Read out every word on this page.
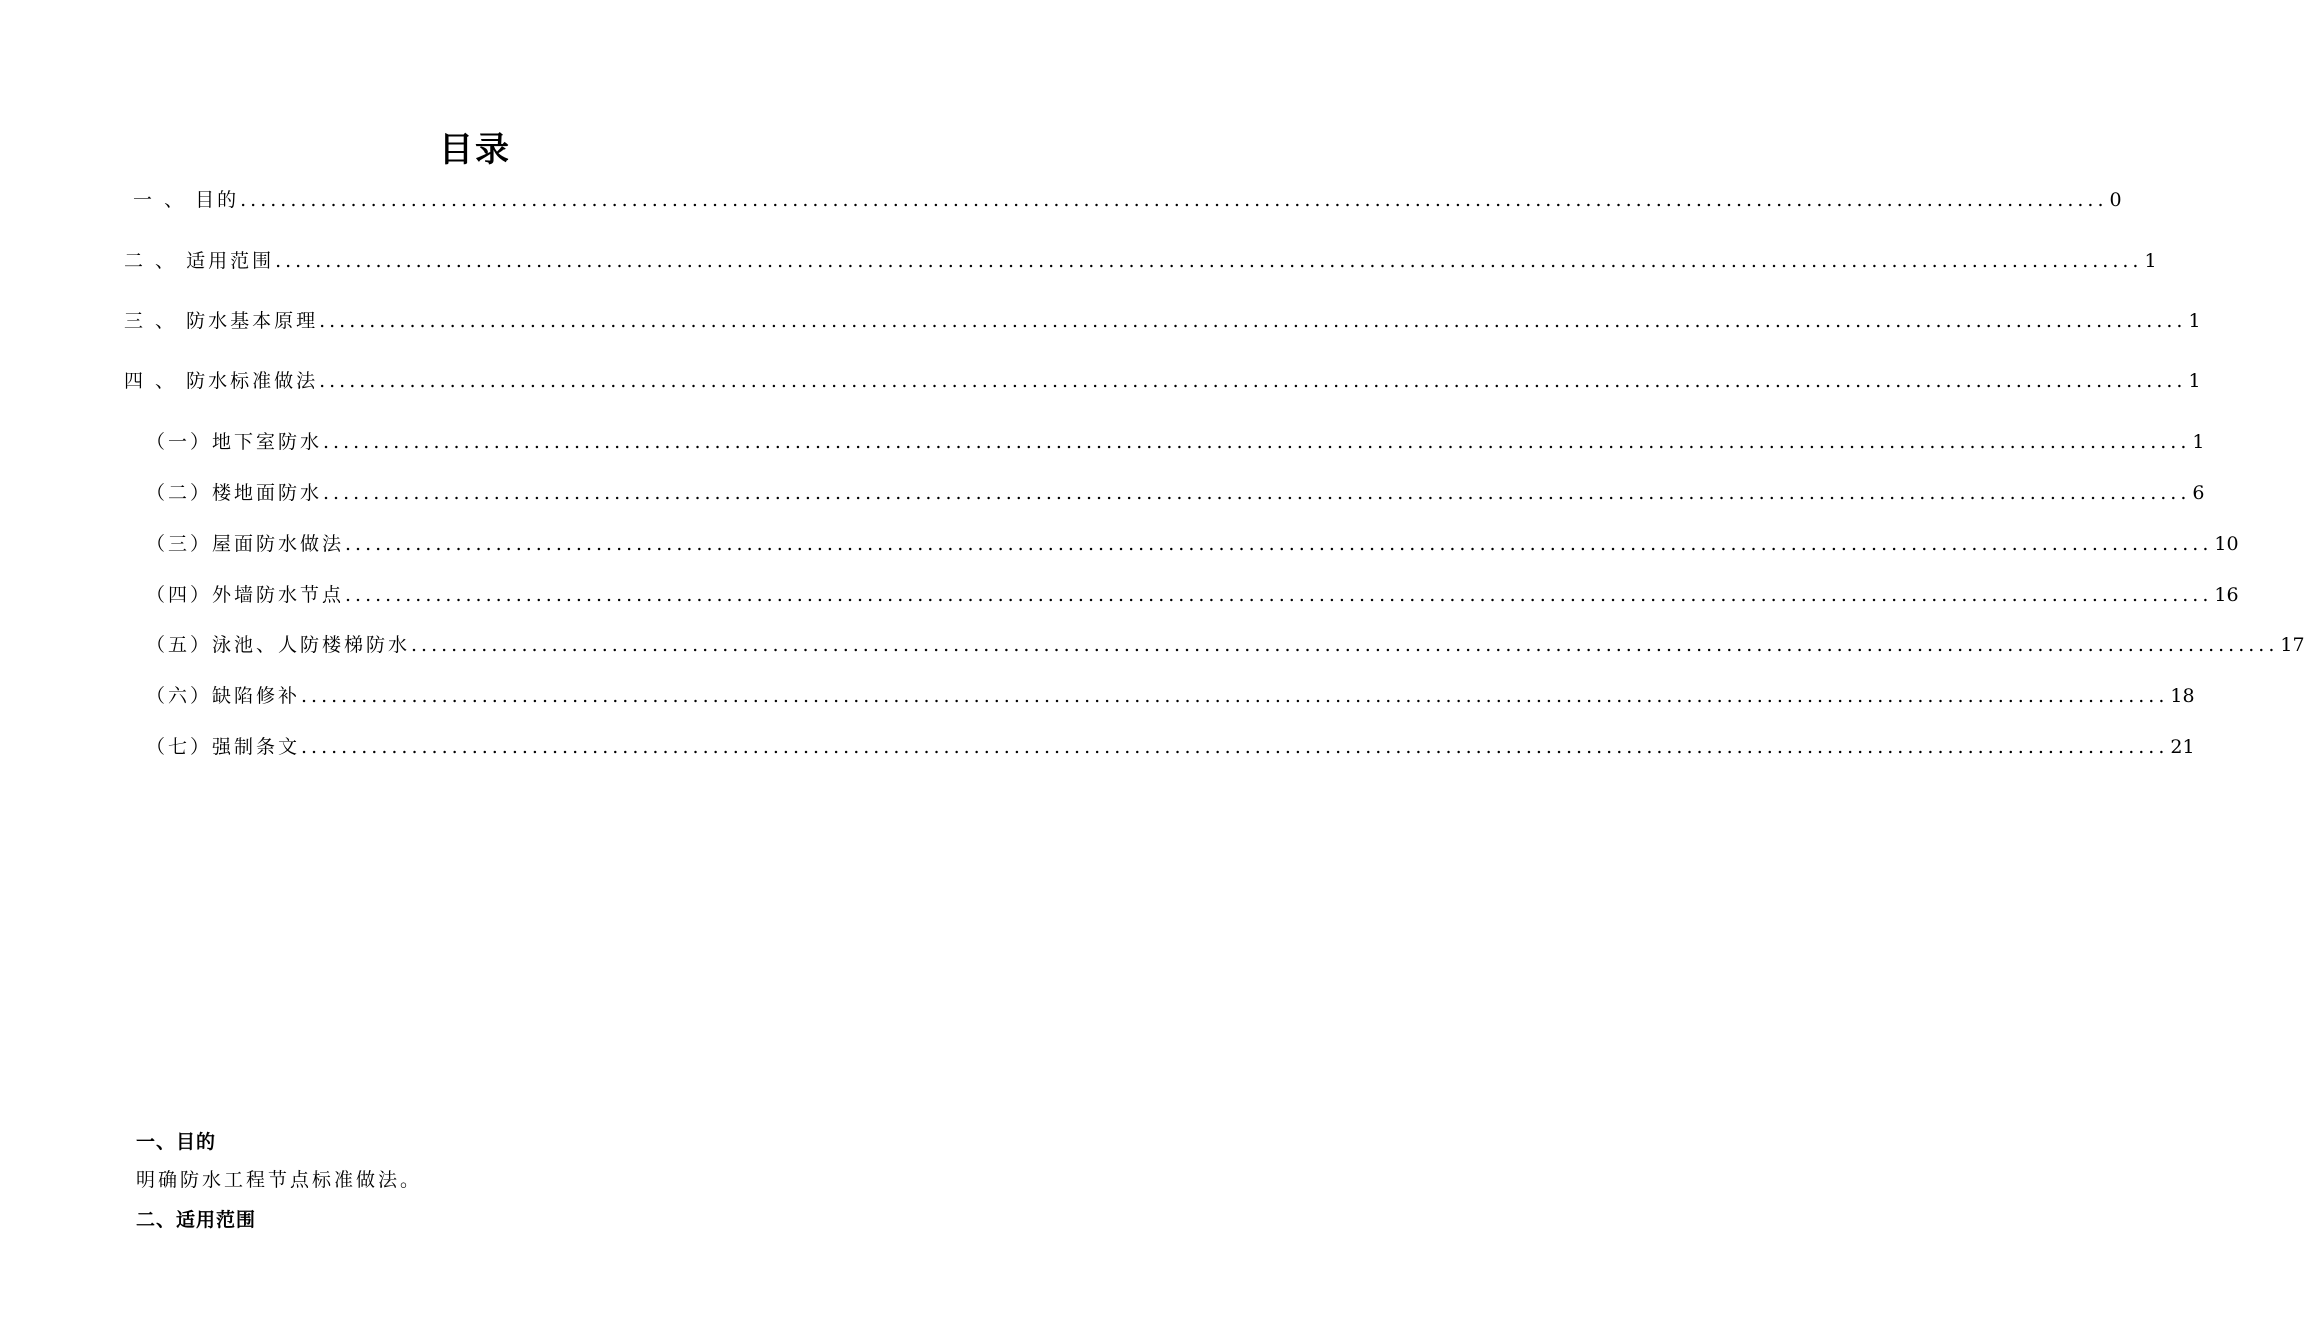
目录
一 、 目的 .......................................................................................................................................................................................... 0
二 、 适用范围 .......................................................................................................................................................................................... 1
三 、 防水基本原理 .......................................................................................................................................................................................... 1
四 、 防水标准做法 .......................................................................................................................................................................................... 1
（一）地下室防水 .......................................................................................................................................................................................... 1
（二）楼地面防水 .......................................................................................................................................................................................... 6
（三）屋面防水做法 .......................................................................................................................................................................................... 10
（四）外墙防水节点 .......................................................................................................................................................................................... 16
（五）泳池、人防楼梯防水 .......................................................................................................................................................................................... 17
（六）缺陷修补 .......................................................................................................................................................................................... 18
（七）强制条文 .......................................................................................................................................................................................... 21
一、目的

明确防水工程节点标准做法。

二、适用范围
